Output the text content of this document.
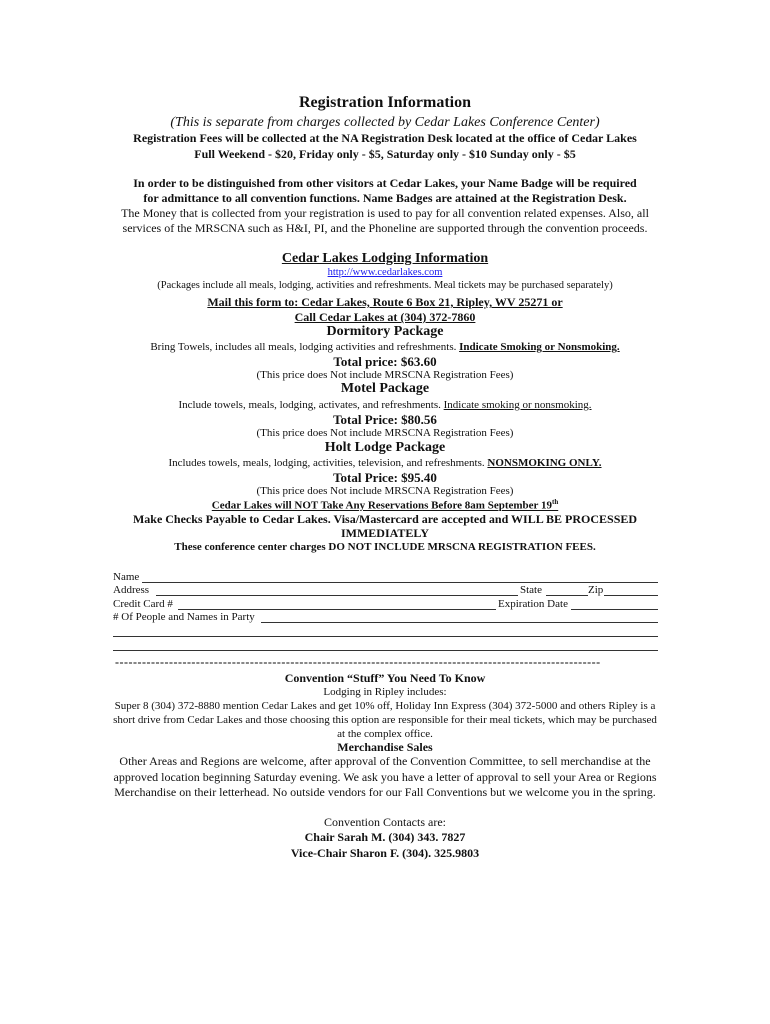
Registration Information
(This is separate from charges collected by Cedar Lakes Conference Center)
Registration Fees will be collected at the NA Registration Desk located at the office of Cedar Lakes
Full Weekend - $20, Friday only - $5, Saturday only - $10 Sunday only - $5
In order to be distinguished from other visitors at Cedar Lakes, your Name Badge will be required
for admittance to all convention functions. Name Badges are attained at the Registration Desk.
The Money that is collected from your registration is used to pay for all convention related expenses. Also, all services of the MRSCNA such as H&I, PI, and the Phoneline are supported through the convention proceeds.
Cedar Lakes Lodging Information
http://www.cedarlakes.com
(Packages include all meals, lodging, activities and refreshments. Meal tickets may be purchased separately)
Mail this form to: Cedar Lakes, Route 6 Box 21, Ripley, WV 25271 or
Call Cedar Lakes at (304) 372-7860
Dormitory Package
Bring Towels, includes all meals, lodging activities and refreshments. Indicate Smoking or Nonsmoking.
Total price: $63.60
(This price does Not include MRSCNA Registration Fees)
Motel Package
Include towels, meals, lodging, activates, and refreshments. Indicate smoking or nonsmoking.
Total Price: $80.56
(This price does Not include MRSCNA Registration Fees)
Holt Lodge Package
Includes towels, meals, lodging, activities, television, and refreshments. NONSMOKING ONLY.
Total Price: $95.40
(This price does Not include MRSCNA Registration Fees)
Cedar Lakes will NOT Take Any Reservations Before 8am September 19th
Make Checks Payable to Cedar Lakes. Visa/Mastercard are accepted and WILL BE PROCESSED
IMMEDIATELY
These conference center charges DO NOT INCLUDE MRSCNA REGISTRATION FEES.
Name
Address	State	Zip
Credit Card #	Expiration Date
# Of People and Names in Party
------------------------------------------------------------------------------------------------------------
Convention “Stuff” You Need To Know
Lodging in Ripley includes:
Super 8 (304) 372-8880 mention Cedar Lakes and get 10% off, Holiday Inn Express (304) 372-5000 and others Ripley is a short drive from Cedar Lakes and those choosing this option are responsible for their meal tickets, which may be purchased at the complex office.
Merchandise Sales
Other Areas and Regions are welcome, after approval of the Convention Committee, to sell merchandise at the approved location beginning Saturday evening. We ask you have a letter of approval to sell your Area or Regions Merchandise on their letterhead. No outside vendors for our Fall Conventions but we welcome you in the spring.
Convention Contacts are:
Chair Sarah M. (304) 343. 7827
Vice-Chair Sharon F. (304). 325.9803
